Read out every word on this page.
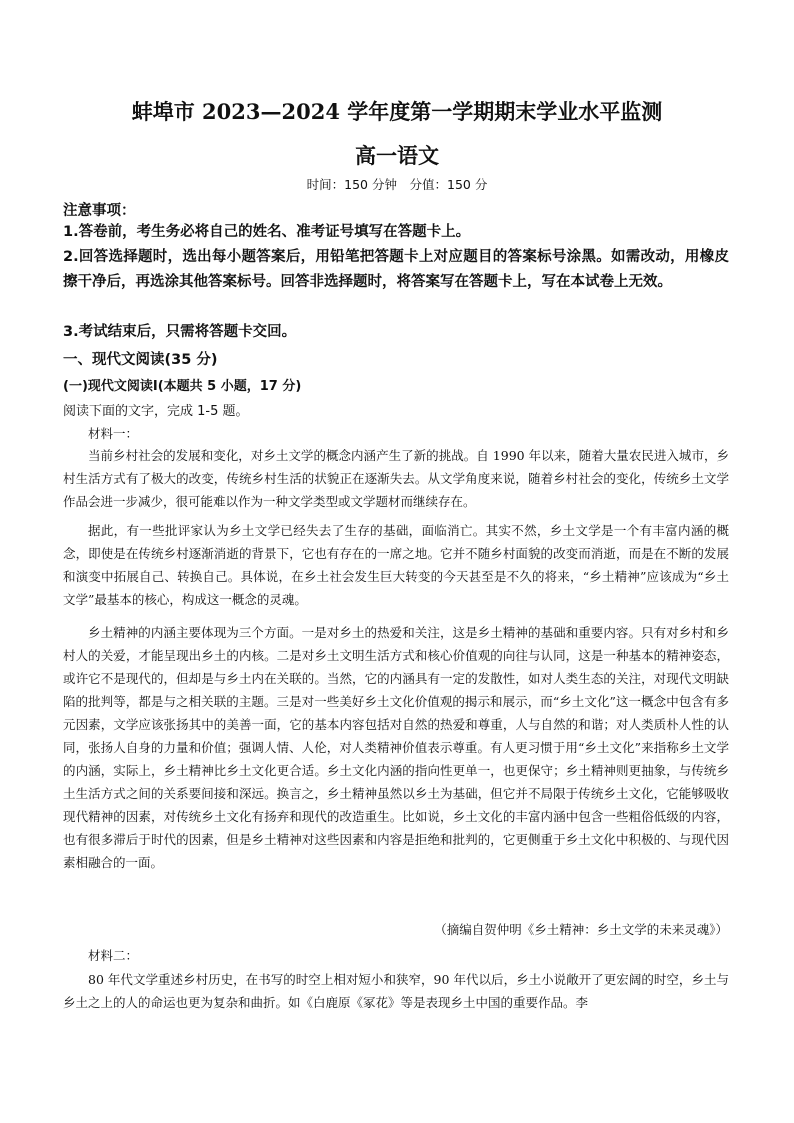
蚌埠市 2023—2024 学年度第一学期期末学业水平监测
高一语文
时间：150 分钟　分值：150 分
注意事项：
1.答卷前，考生务必将自己的姓名、准考证号填写在答题卡上。
2.回答选择题时，选出每小题答案后，用铅笔把答题卡上对应题目的答案标号涂黑。如需改动，用橡皮擦干净后，再选涂其他答案标号。回答非选择题时，将答案写在答题卡上，写在本试卷上无效。
3.考试结束后，只需将答题卡交回。
一、现代文阅读(35 分)
(一)现代文阅读Ⅰ(本题共 5 小题，17 分)
阅读下面的文字，完成 1-5 题。
材料一：

当前乡村社会的发展和变化，对乡土文学的概念内涵产生了新的挑战。自 1990 年以来，随着大量农民进入城市，乡村生活方式有了极大的改变，传统乡村生活的状貌正在逐渐失去。从文学角度来说，随着乡村社会的变化，传统乡土文学作品会进一步减少，很可能难以作为一种文学类型或文学题材而继续存在。

据此，有一些批评家认为乡土文学已经失去了生存的基础，面临消亡。其实不然，乡土文学是一个有丰富内涵的概念，即使是在传统乡村逐渐消逝的背景下，它也有存在的一席之地。它并不随乡村面貌的改变而消逝，而是在不断的发展和演变中拓展自己、转换自己。具体说，在乡土社会发生巨大转变的今天甚至是不久的将来，“乡土精神”应该成为“乡土文学”最基本的核心，构成这一概念的灵魂。

乡土精神的内涵主要体现为三个方面。一是对乡土的热爱和关注，这是乡土精神的基础和重要内容。只有对乡村和乡村人的关爱，才能呈现出乡土的内核。二是对乡土文明生活方式和核心价值观的向往与认同，这是一种基本的精神姿态，或许它不是现代的，但却是与乡土内在关联的。当然，它的内涵具有一定的发散性，如对人类生态的关注，对现代文明缺陷的批判等，都是与之相关联的主题。三是对一些美好乡土文化价值观的揭示和展示，而“乡土文化”这一概念中包含有多元因素，文学应该张扬其中的美善一面，它的基本内容包括对自然的热爱和尊重，人与自然的和谐；对人类质朴人性的认同，张扬人自身的力量和价值；强调人情、人伦，对人类精神价值表示尊重。有人更习惯于用“乡土文化”来指称乡土文学的内涵，实际上，乡土精神比乡土文化更合适。乡土文化内涵的指向性更单一，也更保守；乡土精神则更抽象，与传统乡土生活方式之间的关系要间接和深远。换言之，乡土精神虽然以乡土为基础，但它并不局限于传统乡土文化，它能够吸收现代精神的因素，对传统乡土文化有扬弃和现代的改造重生。比如说，乡土文化的丰富内涵中包含一些粗俗低级的内容，也有很多滞后于时代的因素，但是乡土精神对这些因素和内容是拒绝和批判的，它更侧重于乡土文化中积极的、与现代因素相融合的一面。

（摘编自贺仲明《乡土精神：乡土文学的未来灵魂》）
材料二：

80 年代文学重述乡村历史，在书写的时空上相对短小和狭窄，90 年代以后，乡土小说敞开了更宏阔的时空，乡土与乡土之上的人的命运也更为复杂和曲折。如《白鹿原《冢花》等是表现乡土中国的重要作品。李
